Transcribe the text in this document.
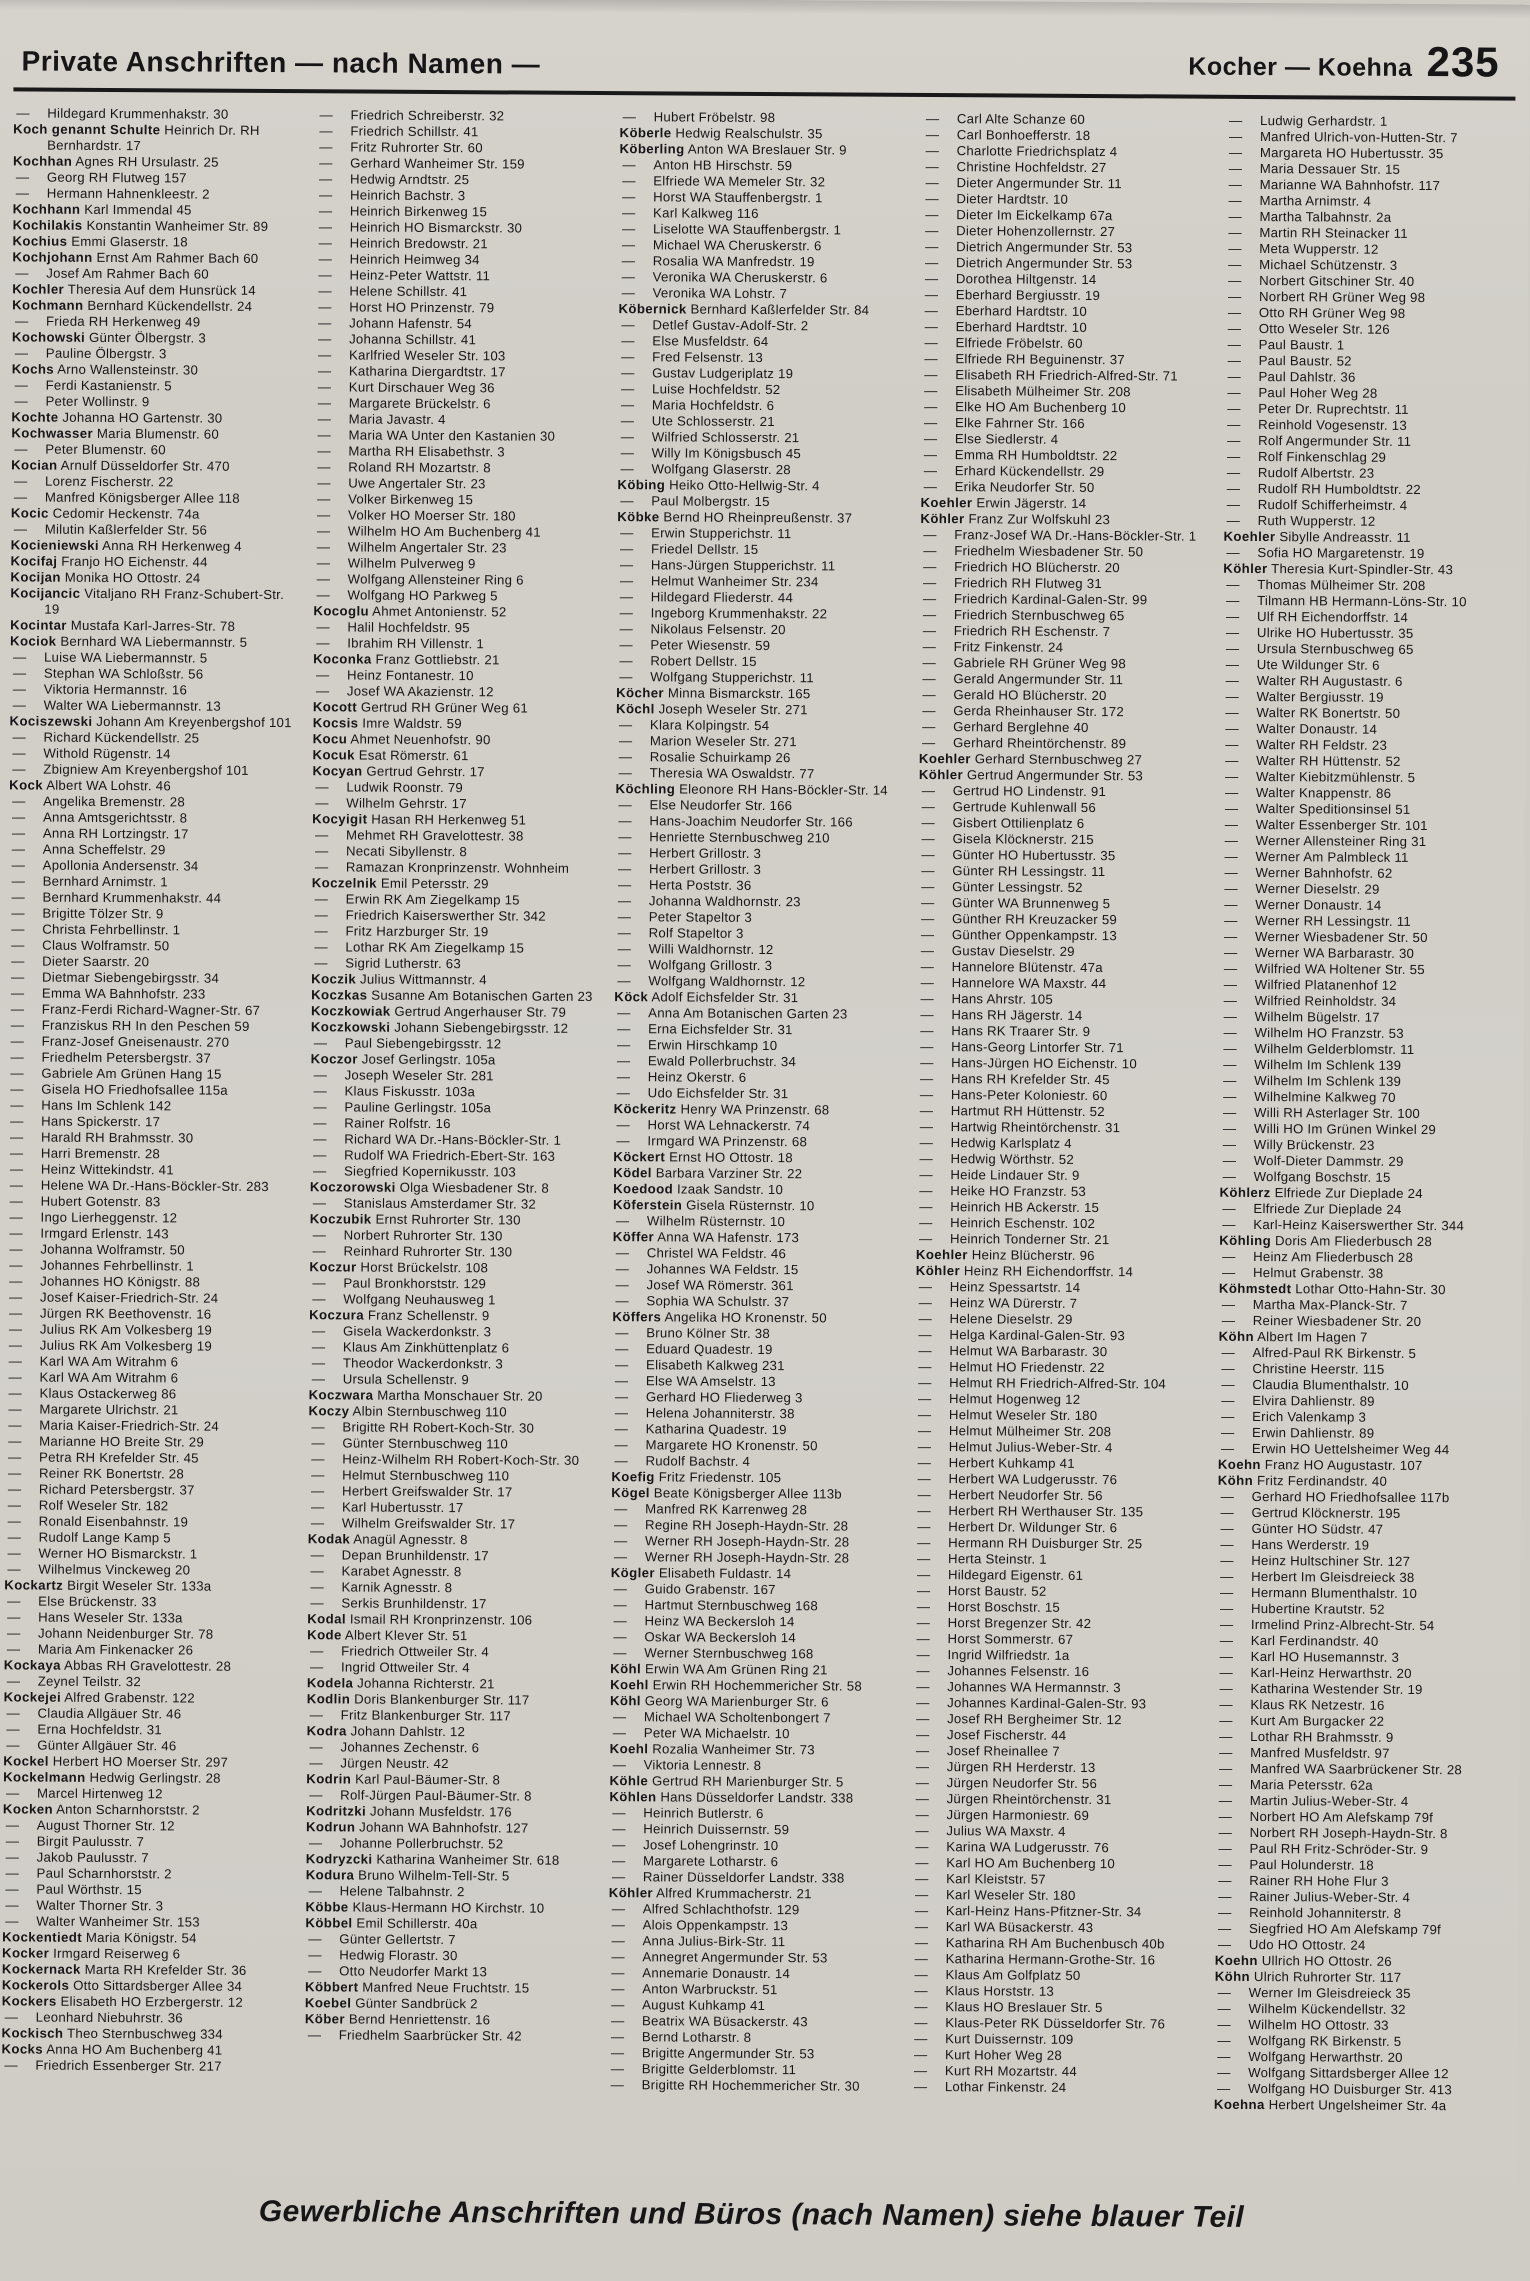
Private Anschriften — nach Namen —	Kocher — Koehna 235
— Hildegard Krummenhakstr. 30
Koch genannt Schulte Heinrich Dr. RH Bernhardstr. 17
Kochhan Agnes RH Ursulastr. 25
— Georg RH Flutweg 157
— Hermann Hahnenkleestr. 2
Kochhann Karl Immendal 45
Kochilakis Konstantin Wanheimer Str. 89
Kochius Emmi Glaserstr. 18
Kochjohann Ernst Am Rahmer Bach 60
— Josef Am Rahmer Bach 60
Kochler Theresia Auf dem Hunsrück 14
Kochmann Bernhard Kückendellstr. 24
— Frieda RH Herkenweg 49
Kochowski Günter Ölbergstr. 3
— Pauline Ölbergstr. 3
Kochs Arno Wallensteinstr. 30
— Ferdi Kastanienstr. 5
— Peter Wollinstr. 9
Kochte Johanna HO Gartenstr. 30
Kochwasser Maria Blumenstr. 60
— Peter Blumenstr. 60
Kocian Arnulf Düsseldorfer Str. 470
— Lorenz Fischerstr. 22
— Manfred Königsberger Allee 118
Kocic Cedomir Heckenstr. 74a
— Milutin Kaßlerfelder Str. 56
Kocieniewski Anna RH Herkenweg 4
Kocifaj Franjo HO Eichenstr. 44
Kocijan Monika HO Ottostr. 24
Kocijancic Vitaljano RH Franz-Schubert-Str. 19
Kocintar Mustafa Karl-Jarres-Str. 78
Kociok Bernhard WA Liebermannstr. 5
— Luise WA Liebermannstr. 5
— Stephan WA Schloßstr. 56
— Viktoria Hermannstr. 16
— Walter WA Liebermannstr. 13
Kociszewski Johann Am Kreyenbergshof 101
— Richard Kückendellstr. 25
— Withold Rügenstr. 14
— Zbigniew Am Kreyenbergshof 101
Kock Albert WA Lohstr. 46
— Angelika Bremenstr. 28
— Anna Amtsgerichtsstr. 8
— Anna RH Lortzingstr. 17
— Anna Scheffelstr. 29
— Apollonia Andersenstr. 34
— Bernhard Arnimstr. 1
— Bernhard Krummenhakstr. 44
— Brigitte Tölzer Str. 9
— Christa Fehrbellinstr. 1
— Claus Wolframstr. 50
— Dieter Saarstr. 20
— Dietmar Siebengebirgsstr. 34
— Emma WA Bahnhofstr. 233
— Franz-Ferdi Richard-Wagner-Str. 67
— Franziskus RH In den Peschen 59
— Franz-Josef Gneisenaustr. 270
— Friedhelm Petersbergstr. 37
— Gabriele Am Grünen Hang 15
— Gisela HO Friedhofsallee 115a
— Hans Im Schlenk 142
— Hans Spickerstr. 17
— Harald RH Brahmsstr. 30
— Harri Bremenstr. 28
— Heinz Wittekindstr. 41
— Helene WA Dr.-Hans-Böckler-Str. 283
— Hubert Gotenstr. 83
— Ingo Lierheggenstr. 12
— Irmgard Erlenstr. 143
— Johanna Wolframstr. 50
— Johannes Fehrbellinstr. 1
— Johannes HO Königstr. 88
— Josef Kaiser-Friedrich-Str. 24
— Jürgen RK Beethovenstr. 16
— Julius RK Am Volkesberg 19
— Julius RK Am Volkesberg 19
— Karl WA Am Witrahm 6
— Karl WA Am Witrahm 6
— Klaus Ostackerweg 86
— Margarete Ulrichstr. 21
— Maria Kaiser-Friedrich-Str. 24
— Marianne HO Breite Str. 29
— Petra RH Krefelder Str. 45
— Reiner RK Bonertstr. 28
— Richard Petersbergstr. 37
— Rolf Weseler Str. 182
— Ronald Eisenbahnstr. 19
— Rudolf Lange Kamp 5
— Werner HO Bismarckstr. 1
— Wilhelmus Vinckeweg 20
Kockartz Birgit Weseler Str. 133a
— Else Brückenstr. 33
— Hans Weseler Str. 133a
— Johann Neidenburger Str. 78
— Maria Am Finkenacker 26
Kockaya Abbas RH Gravelottestr. 28
— Zeynel Teilstr. 32
Kockejei Alfred Grabenstr. 122
— Claudia Allgäuer Str. 46
— Erna Hochfeldstr. 31
— Günter Allgäuer Str. 46
Kockel Herbert HO Moerser Str. 297
Kockelmann Hedwig Gerlingstr. 28
— Marcel Hirtenweg 12
Kocken Anton Scharnhorststr. 2
— August Thorner Str. 12
— Birgit Paulusstr. 7
— Jakob Paulusstr. 7
— Paul Scharnhorststr. 2
— Paul Wörthstr. 15
— Walter Thorner Str. 3
— Walter Wanheimer Str. 153
Kockentiedt Maria Königstr. 54
Kocker Irmgard Reiserweg 6
Kockernack Marta RH Krefelder Str. 36
Kockerols Otto Sittardsberger Allee 34
Kockers Elisabeth HO Erzbergerstr. 12
— Leonhard Niebuhrstr. 36
Kockisch Theo Sternbuschweg 334
Kocks Anna HO Am Buchenberg 41
— Friedrich Essenberger Str. 217
— Friedrich Schreiberstr. 32
— Friedrich Schillstr. 41
— Fritz Ruhrorter Str. 60
— Gerhard Wanheimer Str. 159
— Hedwig Arndtstr. 25
— Heinrich Bachstr. 3
— Heinrich Birkenweg 15
— Heinrich HO Bismarckstr. 30
— Heinrich Bredowstr. 21
— Heinrich Heimweg 34
— Heinz-Peter Wattstr. 11
— Helene Schillstr. 41
— Horst HO Prinzenstr. 79
— Johann Hafenstr. 54
— Johanna Schillstr. 41
— Karlfried Weseler Str. 103
— Katharina Diergardtstr. 17
— Kurt Dirschauer Weg 36
— Margarete Brückelstr. 6
— Maria Javastr. 4
— Maria WA Unter den Kastanien 30
— Martha RH Elisabethstr. 3
— Roland RH Mozartstr. 8
— Uwe Angertaler Str. 23
— Volker Birkenweg 15
— Volker HO Moerser Str. 180
— Wilhelm HO Am Buchenberg 41
— Wilhelm Angertaler Str. 23
— Wilhelm Pulverweg 9
— Wolfgang Allensteiner Ring 6
— Wolfgang HO Parkweg 5
Kocoglu Ahmet Antonienstr. 52
— Halil Hochfeldstr. 95
— Ibrahim RH Villenstr. 1
Koconka Franz Gottliebstr. 21
— Heinz Fontanestr. 10
— Josef WA Akazienstr. 12
Kocott Gertrud RH Grüner Weg 61
Kocsis Imre Waldstr. 59
Kocu Ahmet Neuenhofstr. 90
Kocuk Esat Römerstr. 61
Kocyan Gertrud Gehrstr. 17
— Ludwik Roonstr. 79
— Wilhelm Gehrstr. 17
Kocyigit Hasan RH Herkenweg 51
— Mehmet RH Gravelottestr. 38
— Necati Sibyllenstr. 8
— Ramazan Kronprinzenstr. Wohnheim
Koczelnik Emil Petersstr. 29
— Erwin RK Am Ziegelkamp 15
— Friedrich Kaiserswerther Str. 342
— Fritz Harzburger Str. 19
— Lothar RK Am Ziegelkamp 15
— Sigrid Lutherstr. 63
Koczik Julius Wittmannstr. 4
Koczkas Susanne Am Botanischen Garten 23
Koczkowiak Gertrud Angerhauser Str. 79
Koczkowski Johann Siebengebirgsstr. 12
— Paul Siebengebirgsstr. 12
Koczor Josef Gerlingstr. 105a
— Joseph Weseler Str. 281
— Klaus Fiskusstr. 103a
— Pauline Gerlingstr. 105a
— Rainer Rolfstr. 16
— Richard WA Dr.-Hans-Böckler-Str. 1
— Rudolf WA Friedrich-Ebert-Str. 163
— Siegfried Kopernikusstr. 103
Koczorowski Olga Wiesbadener Str. 8
— Stanislaus Amsterdamer Str. 32
Koczubik Ernst Ruhrorter Str. 130
— Norbert Ruhrorter Str. 130
— Reinhard Ruhrorter Str. 130
Koczur Horst Brückelstr. 108
— Paul Bronkhorststr. 129
— Wolfgang Neuhausweg 1
Koczura Franz Schellenstr. 9
— Gisela Wackerdonkstr. 3
— Klaus Am Zinkhüttenplatz 6
— Theodor Wackerdonkstr. 3
— Ursula Schellenstr. 9
Koczwara Martha Monschauer Str. 20
Koczy Albin Sternbuschweg 110
— Brigitte RH Robert-Koch-Str. 30
— Günter Sternbuschweg 110
— Heinz-Wilhelm RH Robert-Koch-Str. 30
— Helmut Sternbuschweg 110
— Herbert Greifswalder Str. 17
— Karl Hubertusstr. 17
— Wilhelm Greifswalder Str. 17
Kodak Anagül Agnesstr. 8
— Depan Brunhildenstr. 17
— Karabet Agnesstr. 8
— Karnik Agnesstr. 8
— Serkis Brunhildenstr. 17
Kodal Ismail RH Kronprinzenstr. 106
Kode Albert Klever Str. 51
— Friedrich Ottweiler Str. 4
— Ingrid Ottweiler Str. 4
Kodela Johanna Richterstr. 21
Kodlin Doris Blankenburger Str. 117
— Fritz Blankenburger Str. 117
Kodra Johann Dahlstr. 12
— Johannes Zechenstr. 6
— Jürgen Neustr. 42
Kodrin Karl Paul-Bäumer-Str. 8
— Rolf-Jürgen Paul-Bäumer-Str. 8
Kodritzki Johann Musfeldstr. 176
Kodrun Johann WA Bahnhofstr. 127
— Johanne Pollerbruchstr. 52
Kodryzcki Katharina Wanheimer Str. 618
Kodura Bruno Wilhelm-Tell-Str. 5
— Helene Talbahnstr. 2
Köbbe Klaus-Hermann HO Kirchstr. 10
Köbbel Emil Schillerstr. 40a
— Günter Gellertstr. 7
— Hedwig Florastr. 30
— Otto Neudorfer Markt 13
Köbbert Manfred Neue Fruchtstr. 15
Koebel Günter Sandbrück 2
Köber Bernd Henriettenstr. 16
— Friedhelm Saarbrücker Str. 42
— Hubert Fröbelstr. 98
Köberle Hedwig Realschulstr. 35
Köberling Anton WA Breslauer Str. 9
— Anton HB Hirschstr. 59
— Elfriede WA Memeler Str. 32
— Horst WA Stauffenbergstr. 1
— Karl Kalkweg 116
— Liselotte WA Stauffenbergstr. 1
— Michael WA Cheruskerstr. 6
— Rosalia WA Manfredstr. 19
— Veronika WA Cheruskerstr. 6
— Veronika WA Lohstr. 7
Köbernick Bernhard Kaßlerfelder Str. 84
— Detlef Gustav-Adolf-Str. 2
— Else Musfeldstr. 64
— Fred Felsenstr. 13
— Gustav Ludgeriplatz 19
— Luise Hochfeldstr. 52
— Maria Hochfeldstr. 6
— Ute Schlosserstr. 21
— Wilfried Schlosserstr. 21
— Willy Im Königsbusch 45
— Wolfgang Glaserstr. 28
Köbing Heiko Otto-Hellwig-Str. 4
— Paul Molbergstr. 15
Köbke Bernd HO Rheinpreußenstr. 37
— Erwin Stupperichstr. 11
— Friedel Dellstr. 15
— Hans-Jürgen Stupperichstr. 11
— Helmut Wanheimer Str. 234
— Hildegard Fliederstr. 44
— Ingeborg Krummenhakstr. 22
— Nikolaus Felsenstr. 20
— Peter Wiesenstr. 59
— Robert Dellstr. 15
— Wolfgang Stupperichstr. 11
Köcher Minna Bismarckstr. 165
Köchl Joseph Weseler Str. 271
— Klara Kolpingstr. 54
— Marion Weseler Str. 271
— Rosalie Schuirkamp 26
— Theresia WA Oswaldstr. 77
Köchling Eleonore RH Hans-Böckler-Str. 14
— Else Neudorfer Str. 166
— Hans-Joachim Neudorfer Str. 166
— Henriette Sternbuschweg 210
— Herbert Grillostr. 3
— Herbert Grillostr. 3
— Herta Poststr. 36
— Johanna Waldhornstr. 23
— Peter Stapeltor 3
— Rolf Stapeltor 3
— Willi Waldhornstr. 12
— Wolfgang Grillostr. 3
— Wolfgang Waldhornstr. 12
Köck Adolf Eichsfelder Str. 31
— Anna Am Botanischen Garten 23
— Erna Eichsfelder Str. 31
— Erwin Hirschkamp 10
— Ewald Pollerbruchstr. 34
— Heinz Okerstr. 6
— Udo Eichsfelder Str. 31
Köckeritz Henry WA Prinzenstr. 68
— Horst WA Lehnackerstr. 74
— Irmgard WA Prinzenstr. 68
Köckert Ernst HO Ottostr. 18
Ködel Barbara Varziner Str. 22
Koedood Izaak Sandstr. 10
Köferstein Gisela Rüsternstr. 10
— Wilhelm Rüsternstr. 10
Köffer Anna WA Hafenstr. 173
— Christel WA Feldstr. 46
— Johannes WA Feldstr. 15
— Josef WA Römerstr. 361
— Sophia WA Schulstr. 37
Köffers Angelika HO Kronenstr. 50
— Bruno Kölner Str. 38
— Eduard Quadestr. 19
— Elisabeth Kalkweg 231
— Else WA Amselstr. 13
— Gerhard HO Fliederweg 3
— Helena Johanniterstr. 38
— Katharina Quadestr. 19
— Margarete HO Kronenstr. 50
— Rudolf Bachstr. 4
Koefig Fritz Friedenstr. 105
Kögel Beate Königsberger Allee 113b
— Manfred RK Karrenweg 28
— Regine RH Joseph-Haydn-Str. 28
— Werner RH Joseph-Haydn-Str. 28
— Werner RH Joseph-Haydn-Str. 28
Kögler Elisabeth Fuldastr. 14
— Guido Grabenstr. 167
— Hartmut Sternbuschweg 168
— Heinz WA Beckersloh 14
— Oskar WA Beckersloh 14
— Werner Sternbuschweg 168
Köhl Erwin WA Am Grünen Ring 21
Koehl Erwin RH Hochemmericher Str. 58
Köhl Georg WA Marienburger Str. 6
— Michael WA Scholtenbongert 7
— Peter WA Michaelstr. 10
Koehl Rozalia Wanheimer Str. 73
— Viktoria Lennestr. 8
Köhle Gertrud RH Marienburger Str. 5
Köhlen Hans Düsseldorfer Landstr. 338
— Heinrich Butlerstr. 6
— Heinrich Duissernstr. 59
— Josef Lohengrinstr. 10
— Margarete Lotharstr. 6
— Rainer Düsseldorfer Landstr. 338
Köhler Alfred Krummacherstr. 21
— Alfred Schlachthofstr. 129
— Alois Oppenkampstr. 13
— Anna Julius-Birk-Str. 11
— Annegret Angermunder Str. 53
— Annemarie Donaustr. 14
— Anton Warbruckstr. 51
— August Kuhkamp 41
— Beatrix WA Büsackerstr. 43
— Bernd Lotharstr. 8
— Brigitte Angermunder Str. 53
— Brigitte Gelderblomstr. 11
— Brigitte RH Hochemmericher Str. 30
— Carl Alte Schanze 60
— Carl Bonhoefferstr. 18
— Charlotte Friedrichsplatz 4
— Christine Hochfeldstr. 27
— Dieter Angermunder Str. 11
— Dieter Hardtstr. 10
— Dieter Im Eickelkamp 67a
— Dieter Hohenzollernstr. 27
— Dietrich Angermunder Str. 53
— Dietrich Angermunder Str. 53
— Dorothea Hiltgenstr. 14
— Eberhard Bergiusstr. 19
— Eberhard Hardtstr. 10
— Eberhard Hardtstr. 10
— Elfriede Fröbelstr. 60
— Elfriede RH Beguinenstr. 37
— Elisabeth RH Friedrich-Alfred-Str. 71
— Elisabeth Mülheimer Str. 208
— Elke HO Am Buchenberg 10
— Elke Fahrner Str. 166
— Else Siedlerstr. 4
— Emma RH Humboldtstr. 22
— Erhard Kückendellstr. 29
— Erika Neudorfer Str. 50
Koehler Erwin Jägerstr. 14
Köhler Franz Zur Wolfskuhl 23
— Franz-Josef WA Dr.-Hans-Böckler-Str. 1
— Friedhelm Wiesbadener Str. 50
— Friedrich HO Blücherstr. 20
— Friedrich RH Flutweg 31
— Friedrich Kardinal-Galen-Str. 99
— Friedrich Sternbuschweg 65
— Friedrich RH Eschenstr. 7
— Fritz Finkenstr. 24
— Gabriele RH Grüner Weg 98
— Gerald Angermunder Str. 11
— Gerald HO Blücherstr. 20
— Gerda Rheinhauser Str. 172
— Gerhard Berglehne 40
— Gerhard Rheintörchenstr. 89
Koehler Gerhard Sternbuschweg 27
Köhler Gertrud Angermunder Str. 53
— Gertrud HO Lindenstr. 91
— Gertrude Kuhlenwall 56
— Gisbert Ottilienplatz 6
— Gisela Klöcknerstr. 215
— Günter HO Hubertusstr. 35
— Günter RH Lessingstr. 11
— Günter Lessingstr. 52
— Günter WA Brunnenweg 5
— Günther RH Kreuzacker 59
— Günther Oppenkampstr. 13
— Gustav Dieselstr. 29
— Hannelore Blütenstr. 47a
— Hannelore WA Maxstr. 44
— Hans Ahrstr. 105
— Hans RH Jägerstr. 14
— Hans RK Traarer Str. 9
— Hans-Georg Lintorfer Str. 71
— Hans-Jürgen HO Eichenstr. 10
— Hans RH Krefelder Str. 45
— Hans-Peter Koloniestr. 60
— Hartmut RH Hüttenstr. 52
— Hartwig Rheintörchenstr. 31
— Hedwig Karlsplatz 4
— Hedwig Wörthstr. 52
— Heide Lindauer Str. 9
— Heike HO Franzstr. 53
— Heinrich HB Ackerstr. 15
— Heinrich Eschenstr. 102
— Heinrich Tonderner Str. 21
Koehler Heinz Blücherstr. 96
Köhler Heinz RH Eichendorffstr. 14
— Heinz Spessartstr. 14
— Heinz WA Dürerstr. 7
— Helene Dieselstr. 29
— Helga Kardinal-Galen-Str. 93
— Helmut WA Barbarastr. 30
— Helmut HO Friedenstr. 22
— Helmut RH Friedrich-Alfred-Str. 104
— Helmut Hogenweg 12
— Helmut Weseler Str. 180
— Helmut Mülheimer Str. 208
— Helmut Julius-Weber-Str. 4
— Herbert Kuhkamp 41
— Herbert WA Ludgerusstr. 76
— Herbert Neudorfer Str. 56
— Herbert RH Werthauser Str. 135
— Herbert Dr. Wildunger Str. 6
— Hermann RH Duisburger Str. 25
— Herta Steinstr. 1
— Hildegard Eigenstr. 61
— Horst Baustr. 52
— Horst Boschstr. 15
— Horst Bregenzer Str. 42
— Horst Sommerstr. 67
— Ingrid Wilfriedstr. 1a
— Johannes Felsenstr. 16
— Johannes WA Hermannstr. 3
— Johannes Kardinal-Galen-Str. 93
— Josef RH Bergheimer Str. 12
— Josef Fischerstr. 44
— Josef Rheinallee 7
— Jürgen RH Herderstr. 13
— Jürgen Neudorfer Str. 56
— Jürgen Rheintörchenstr. 31
— Jürgen Harmoniestr. 69
— Julius WA Maxstr. 4
— Karina WA Ludgerusstr. 76
— Karl HO Am Buchenberg 10
— Karl Kleiststr. 57
— Karl Weseler Str. 180
— Karl-Heinz Hans-Pfitzner-Str. 34
— Karl WA Büsackerstr. 43
— Katharina RH Am Buchenbusch 40b
— Katharina Hermann-Grothe-Str. 16
— Klaus Am Golfplatz 50
— Klaus Horststr. 13
— Klaus HO Breslauer Str. 5
— Klaus-Peter RK Düsseldorfer Str. 76
— Kurt Duissernstr. 109
— Kurt Hoher Weg 28
— Kurt RH Mozartstr. 44
— Lothar Finkenstr. 24
— Ludwig Gerhardstr. 1
— Manfred Ulrich-von-Hutten-Str. 7
— Margareta HO Hubertusstr. 35
— Maria Dessauer Str. 15
— Marianne WA Bahnhofstr. 117
— Martha Arnimstr. 4
— Martha Talbahnstr. 2a
— Martin RH Steinacker 11
— Meta Wupperstr. 12
— Michael Schützenstr. 3
— Norbert Gitschiner Str. 40
— Norbert RH Grüner Weg 98
— Otto RH Grüner Weg 98
— Otto Weseler Str. 126
— Paul Baustr. 1
— Paul Baustr. 52
— Paul Dahlstr. 36
— Paul Hoher Weg 28
— Peter Dr. Ruprechtstr. 11
— Reinhold Vogesenstr. 13
— Rolf Angermunder Str. 11
— Rolf Finkenschlag 29
— Rudolf Albertstr. 23
— Rudolf RH Humboldtstr. 22
— Rudolf Schifferheimstr. 4
— Ruth Wupperstr. 12
Koehler Sibylle Andreasstr. 11
— Sofia HO Margaretenstr. 19
Köhler Theresia Kurt-Spindler-Str. 43
— Thomas Mülheimer Str. 208
— Tilmann HB Hermann-Löns-Str. 10
— Ulf RH Eichendorffstr. 14
— Ulrike HO Hubertusstr. 35
— Ursula Sternbuschweg 65
— Ute Wildunger Str. 6
— Walter RH Augustastr. 6
— Walter Bergiusstr. 19
— Walter RK Bonertstr. 50
— Walter Donaustr. 14
— Walter RH Feldstr. 23
— Walter RH Hüttenstr. 52
— Walter Kiebitzmühlenstr. 5
— Walter Knappenstr. 86
— Walter Speditionsinsel 51
— Walter Essenberger Str. 101
— Werner Allensteiner Ring 31
— Werner Am Palmbleck 11
— Werner Bahnhofstr. 62
— Werner Dieselstr. 29
— Werner Donaustr. 14
— Werner RH Lessingstr. 11
— Werner Wiesbadener Str. 50
— Werner WA Barbarastr. 30
— Wilfried WA Holtener Str. 55
— Wilfried Platanenhof 12
— Wilfried Reinholdstr. 34
— Wilhelm Bügelstr. 17
— Wilhelm HO Franzstr. 53
— Wilhelm Gelderblomstr. 11
— Wilhelm Im Schlenk 139
— Wilhelm Im Schlenk 139
— Wilhelmine Kalkweg 70
— Willi RH Asterlager Str. 100
— Willi HO Im Grünen Winkel 29
— Willy Brückenstr. 23
— Wolf-Dieter Dammstr. 29
— Wolfgang Boschstr. 15
Köhlerz Elfriede Zur Dieplade 24
— Elfriede Zur Dieplade 24
— Karl-Heinz Kaiserswerther Str. 344
Köhling Doris Am Fliederbusch 28
— Heinz Am Fliederbusch 28
— Helmut Grabenstr. 38
Köhmstedt Lothar Otto-Hahn-Str. 30
— Martha Max-Planck-Str. 7
— Reiner Wiesbadener Str. 20
Köhn Albert Im Hagen 7
— Alfred-Paul RK Birkenstr. 5
— Christine Heerstr. 115
— Claudia Blumenthalstr. 10
— Elvira Dahlienstr. 89
— Erich Valenkamp 3
— Erwin Dahlienstr. 89
— Erwin HO Uettelsheimer Weg 44
Koehn Franz HO Augustastr. 107
Köhn Fritz Ferdinandstr. 40
— Gerhard HO Friedhofsallee 117b
— Gertrud Klöcknerstr. 195
— Günter HO Südstr. 47
— Hans Werderstr. 19
— Heinz Hultschiner Str. 127
— Herbert Im Gleisdreieck 38
— Hermann Blumenthalstr. 10
— Hubertine Krautstr. 52
— Irmelind Prinz-Albrecht-Str. 54
— Karl Ferdinandstr. 40
— Karl HO Husemannstr. 3
— Karl-Heinz Herwarthstr. 20
— Katharina Westender Str. 19
— Klaus RK Netzestr. 16
— Kurt Am Burgacker 22
— Lothar RH Brahmsstr. 9
— Manfred Musfeldstr. 97
— Manfred WA Saarbrückener Str. 28
— Maria Petersstr. 62a
— Martin Julius-Weber-Str. 4
— Norbert HO Am Alefskamp 79f
— Norbert RH Joseph-Haydn-Str. 8
— Paul RH Fritz-Schröder-Str. 9
— Paul Holunderstr. 18
— Rainer RH Hohe Flur 3
— Rainer Julius-Weber-Str. 4
— Reinhold Johanniterstr. 8
— Siegfried HO Am Alefskamp 79f
— Udo HO Ottostr. 24
Koehn Ullrich HO Ottostr. 26
Köhn Ulrich Ruhrorter Str. 117
— Werner Im Gleisdreieck 35
— Wilhelm Kückendellstr. 32
— Wilhelm HO Ottostr. 33
— Wolfgang RK Birkenstr. 5
— Wolfgang Herwarthstr. 20
— Wolfgang Sittardsberger Allee 12
— Wolfgang HO Duisburger Str. 413
Koehna Herbert Ungelsheimer Str. 4a
Gewerbliche Anschriften und Büros (nach Namen) siehe blauer Teil
